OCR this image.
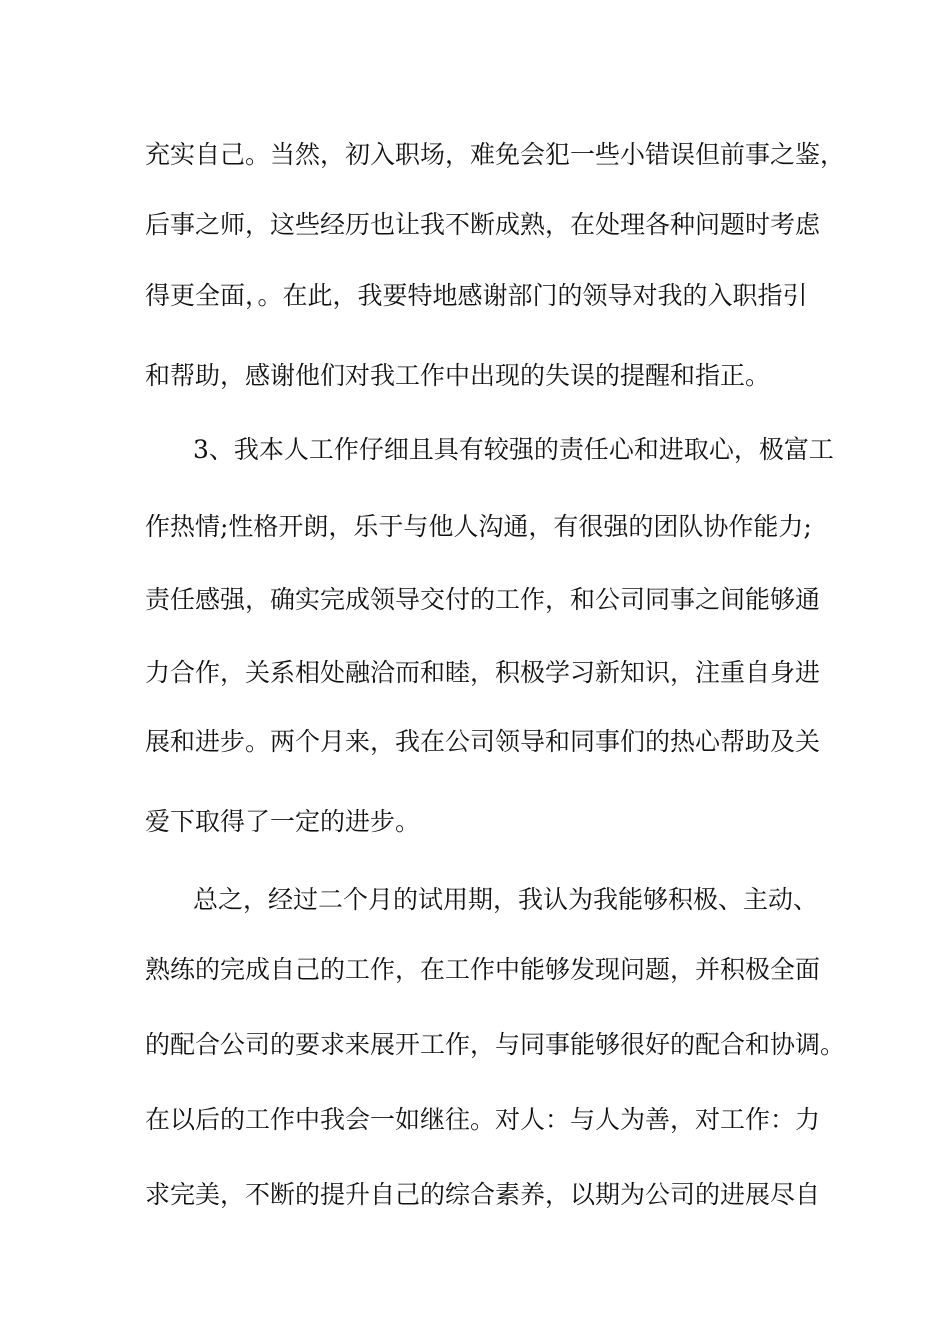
充实自己。当然，初入职场，难免会犯一些小错误但前事之鉴，
后事之师，这些经历也让我不断成熟，在处理各种问题时考虑
得更全面，。在此，我要特地感谢部门的领导对我的入职指引
和帮助，感谢他们对我工作中出现的失误的提醒和指正。
3、我本人工作仔细且具有较强的责任心和进取心，极富工
作热情;性格开朗，乐于与他人沟通，有很强的团队协作能力;
责任感强，确实完成领导交付的工作，和公司同事之间能够通
力合作，关系相处融洽而和睦，积极学习新知识，注重自身进
展和进步。两个月来，我在公司领导和同事们的热心帮助及关
爱下取得了一定的进步。
总之，经过二个月的试用期，我认为我能够积极、主动、
熟练的完成自己的工作，在工作中能够发现问题，并积极全面
的配合公司的要求来展开工作，与同事能够很好的配合和协调。
在以后的工作中我会一如继往。对人：与人为善，对工作：力
求完美，不断的提升自己的综合素养，以期为公司的进展尽自
